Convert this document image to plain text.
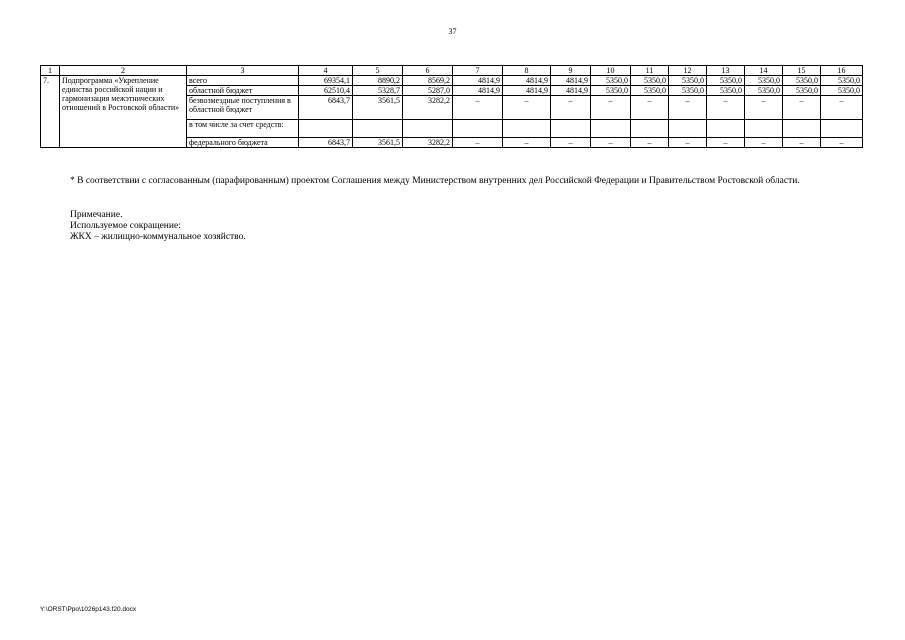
37
1	2	3	4	5	6	7	8	9	10	11	12	13	14	15	16
7.	Подпрограмма «Укрепление единства российской нации и гармонизация межэтнических отношений в Ростовской области»	всего	69354,1	8890,2	8569,2	4814,9	4814,9	4814,9	5350,0	5350,0	5350,0	5350,0	5350,0	5350,0	5350,0
		областной бюджет	62510,4	5328,7	5287,0	4814,9	4814,9	4814,9	5350,0	5350,0	5350,0	5350,0	5350,0	5350,0	5350,0
		безвозмездные поступления в областной бюджет	6843,7	3561,5	3282,2	–	–	–	–	–	–	–	–	–	–
		в том числе за счет средств:													
		федерального бюджета	6843,7	3561,5	3282,2	–	–	–	–	–	–	–	–	–	–

* В соответствии с согласованным (парафированным) проектом Соглашения между Министерством внутренних дел Российской Федерации и Правительством Ростовской области.

Примечание.
Используемое сокращение:
ЖКХ – жилищно-коммунальное хозяйство.
Y:\ORST\Ppo\1026p143.f20.docx
